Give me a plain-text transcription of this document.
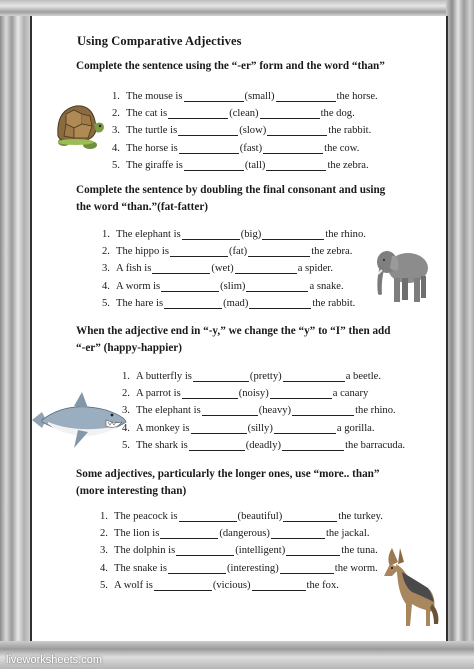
Using Comparative Adjectives
Complete the sentence using the “-er” form and the word “than”
1. The mouse is	(small)	the horse.
2. The cat is	(clean)	the dog.
3. The turtle is	(slow)	the rabbit.
4. The horse is	(fast)	the cow.
5. The giraffe is	(tall)	the zebra.
Complete the sentence by doubling the final consonant and using the word “than.”(fat-fatter)
1. The elephant is	(big)	the rhino.
2. The hippo is	(fat)	the zebra.
3. A fish is	(wet)	a spider.
4. A worm is	(slim)	a snake.
5. The hare is	(mad)	the rabbit.
When the adjective end in “-y,” we change the “y” to “I” then add “-er” (happy-happier)
1. A butterfly is	(pretty)	a beetle.
2. A parrot is	(noisy)	a canary
3. The elephant is	(heavy)	the rhino.
4. A monkey is	(silly)	a gorilla.
5. The shark is	(deadly)	the barracuda.
Some adjectives, particularly the longer ones, use “more.. than” (more interesting than)
1. The peacock is	(beautiful)	the turkey.
2. The lion is	(dangerous)	the jackal.
3. The dolphin is	(intelligent)	the tuna.
4. The snake is	(interesting)	the worm.
5. A wolf is	(vicious)	the fox.
liveworksheets.com
